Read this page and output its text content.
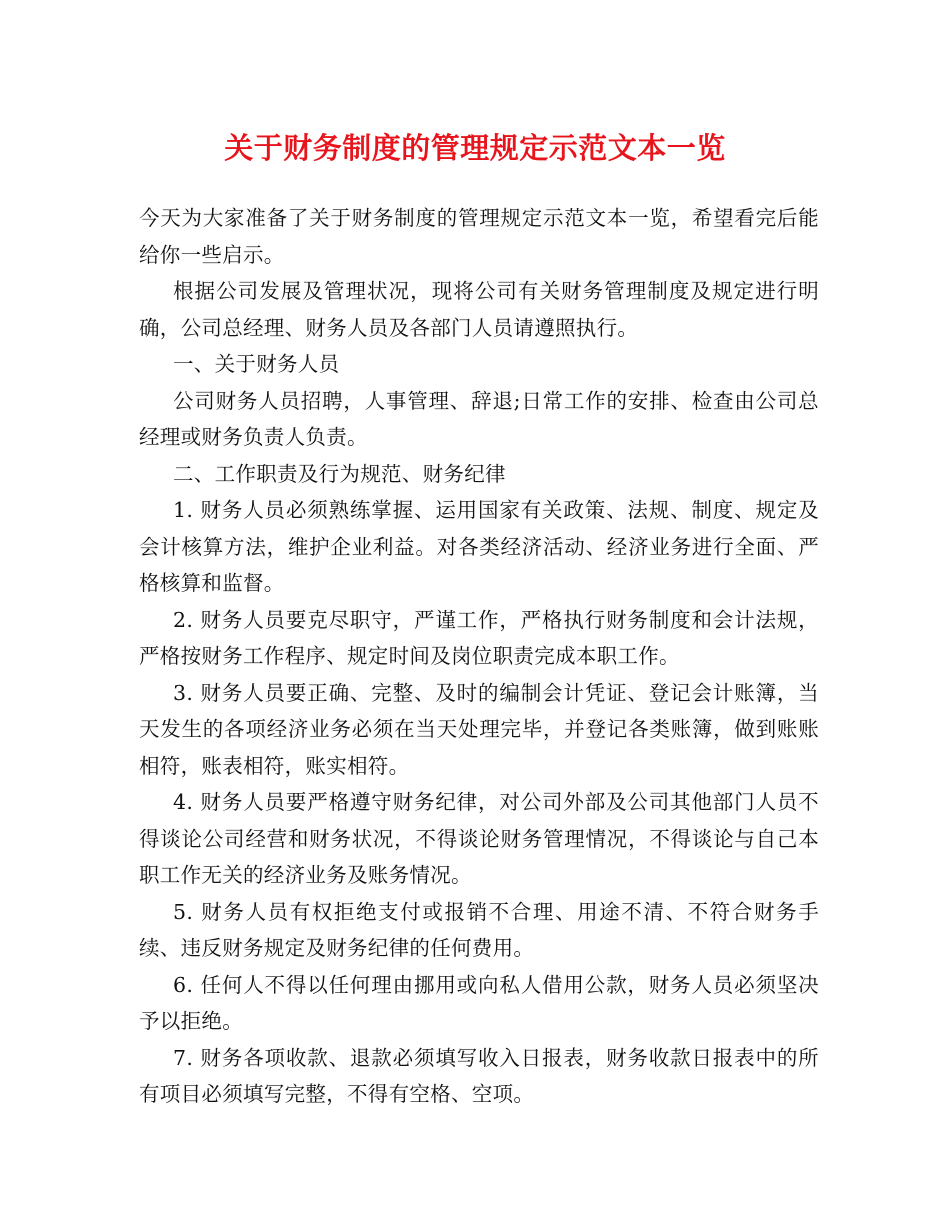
关于财务制度的管理规定示范文本一览

今天为大家准备了关于财务制度的管理规定示范文本一览，希望看完后能给你一些启示。

根据公司发展及管理状况，现将公司有关财务管理制度及规定进行明确，公司总经理、财务人员及各部门人员请遵照执行。

一、关于财务人员

公司财务人员招聘，人事管理、辞退;日常工作的安排、检查由公司总经理或财务负责人负责。

二、工作职责及行为规范、财务纪律

1. 财务人员必须熟练掌握、运用国家有关政策、法规、制度、规定及会计核算方法，维护企业利益。对各类经济活动、经济业务进行全面、严格核算和监督。

2. 财务人员要克尽职守，严谨工作，严格执行财务制度和会计法规，严格按财务工作程序、规定时间及岗位职责完成本职工作。

3. 财务人员要正确、完整、及时的编制会计凭证、登记会计账簿，当天发生的各项经济业务必须在当天处理完毕，并登记各类账簿，做到账账相符，账表相符，账实相符。

4. 财务人员要严格遵守财务纪律，对公司外部及公司其他部门人员不得谈论公司经营和财务状况，不得谈论财务管理情况，不得谈论与自己本职工作无关的经济业务及账务情况。

5. 财务人员有权拒绝支付或报销不合理、用途不清、不符合财务手续、违反财务规定及财务纪律的任何费用。

6. 任何人不得以任何理由挪用或向私人借用公款，财务人员必须坚决予以拒绝。

7. 财务各项收款、退款必须填写收入日报表，财务收款日报表中的所有项目必须填写完整，不得有空格、空项。
